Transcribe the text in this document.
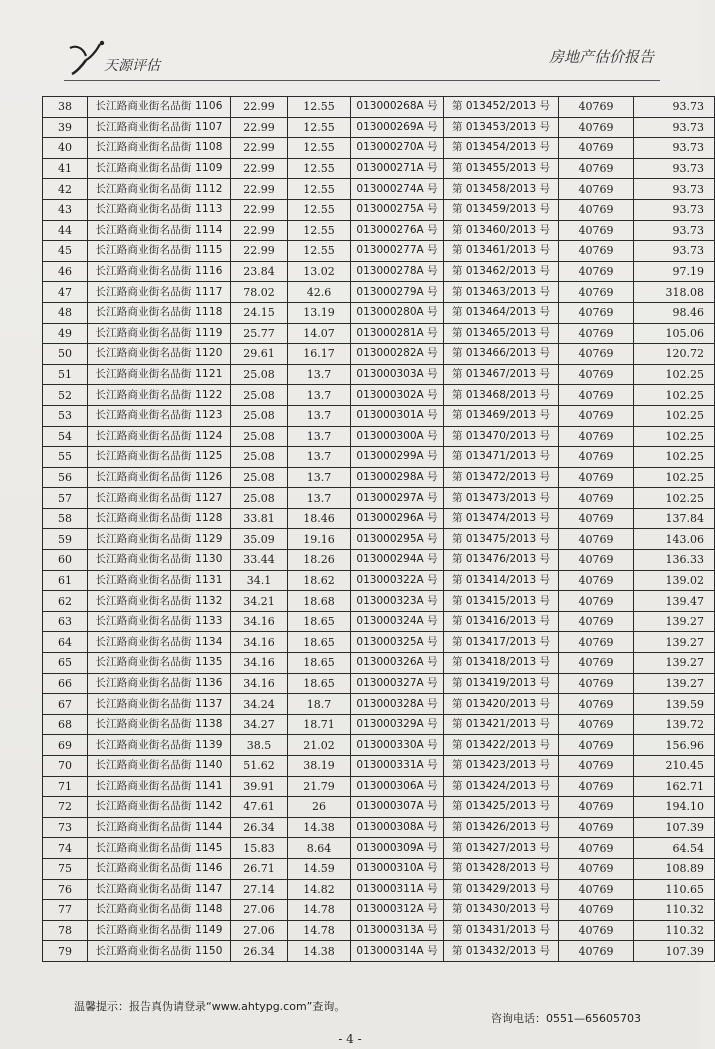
天源评估	房地产估价报告
38	长江路商业街名品街 1106	22.99	12.55	013000268A 号	第 013452/2013 号	40769	93.73
39	长江路商业街名品街 1107	22.99	12.55	013000269A 号	第 013453/2013 号	40769	93.73
40	长江路商业街名品街 1108	22.99	12.55	013000270A 号	第 013454/2013 号	40769	93.73
41	长江路商业街名品街 1109	22.99	12.55	013000271A 号	第 013455/2013 号	40769	93.73
42	长江路商业街名品街 1112	22.99	12.55	013000274A 号	第 013458/2013 号	40769	93.73
43	长江路商业街名品街 1113	22.99	12.55	013000275A 号	第 013459/2013 号	40769	93.73
44	长江路商业街名品街 1114	22.99	12.55	013000276A 号	第 013460/2013 号	40769	93.73
45	长江路商业街名品街 1115	22.99	12.55	013000277A 号	第 013461/2013 号	40769	93.73
46	长江路商业街名品街 1116	23.84	13.02	013000278A 号	第 013462/2013 号	40769	97.19
47	长江路商业街名品街 1117	78.02	42.6	013000279A 号	第 013463/2013 号	40769	318.08
48	长江路商业街名品街 1118	24.15	13.19	013000280A 号	第 013464/2013 号	40769	98.46
49	长江路商业街名品街 1119	25.77	14.07	013000281A 号	第 013465/2013 号	40769	105.06
50	长江路商业街名品街 1120	29.61	16.17	013000282A 号	第 013466/2013 号	40769	120.72
51	长江路商业街名品街 1121	25.08	13.7	013000303A 号	第 013467/2013 号	40769	102.25
52	长江路商业街名品街 1122	25.08	13.7	013000302A 号	第 013468/2013 号	40769	102.25
53	长江路商业街名品街 1123	25.08	13.7	013000301A 号	第 013469/2013 号	40769	102.25
54	长江路商业街名品街 1124	25.08	13.7	013000300A 号	第 013470/2013 号	40769	102.25
55	长江路商业街名品街 1125	25.08	13.7	013000299A 号	第 013471/2013 号	40769	102.25
56	长江路商业街名品街 1126	25.08	13.7	013000298A 号	第 013472/2013 号	40769	102.25
57	长江路商业街名品街 1127	25.08	13.7	013000297A 号	第 013473/2013 号	40769	102.25
58	长江路商业街名品街 1128	33.81	18.46	013000296A 号	第 013474/2013 号	40769	137.84
59	长江路商业街名品街 1129	35.09	19.16	013000295A 号	第 013475/2013 号	40769	143.06
60	长江路商业街名品街 1130	33.44	18.26	013000294A 号	第 013476/2013 号	40769	136.33
61	长江路商业街名品街 1131	34.1	18.62	013000322A 号	第 013414/2013 号	40769	139.02
62	长江路商业街名品街 1132	34.21	18.68	013000323A 号	第 013415/2013 号	40769	139.47
63	长江路商业街名品街 1133	34.16	18.65	013000324A 号	第 013416/2013 号	40769	139.27
64	长江路商业街名品街 1134	34.16	18.65	013000325A 号	第 013417/2013 号	40769	139.27
65	长江路商业街名品街 1135	34.16	18.65	013000326A 号	第 013418/2013 号	40769	139.27
66	长江路商业街名品街 1136	34.16	18.65	013000327A 号	第 013419/2013 号	40769	139.27
67	长江路商业街名品街 1137	34.24	18.7	013000328A 号	第 013420/2013 号	40769	139.59
68	长江路商业街名品街 1138	34.27	18.71	013000329A 号	第 013421/2013 号	40769	139.72
69	长江路商业街名品街 1139	38.5	21.02	013000330A 号	第 013422/2013 号	40769	156.96
70	长江路商业街名品街 1140	51.62	38.19	013000331A 号	第 013423/2013 号	40769	210.45
71	长江路商业街名品街 1141	39.91	21.79	013000306A 号	第 013424/2013 号	40769	162.71
72	长江路商业街名品街 1142	47.61	26	013000307A 号	第 013425/2013 号	40769	194.10
73	长江路商业街名品街 1144	26.34	14.38	013000308A 号	第 013426/2013 号	40769	107.39
74	长江路商业街名品街 1145	15.83	8.64	013000309A 号	第 013427/2013 号	40769	64.54
75	长江路商业街名品街 1146	26.71	14.59	013000310A 号	第 013428/2013 号	40769	108.89
76	长江路商业街名品街 1147	27.14	14.82	013000311A 号	第 013429/2013 号	40769	110.65
77	长江路商业街名品街 1148	27.06	14.78	013000312A 号	第 013430/2013 号	40769	110.32
78	长江路商业街名品街 1149	27.06	14.78	013000313A 号	第 013431/2013 号	40769	110.32
79	长江路商业街名品街 1150	26.34	14.38	013000314A 号	第 013432/2013 号	40769	107.39
温馨提示：报告真伪请登录“www.ahtypg.com”查询。
咨询电话：0551—65605703
- 4 -
